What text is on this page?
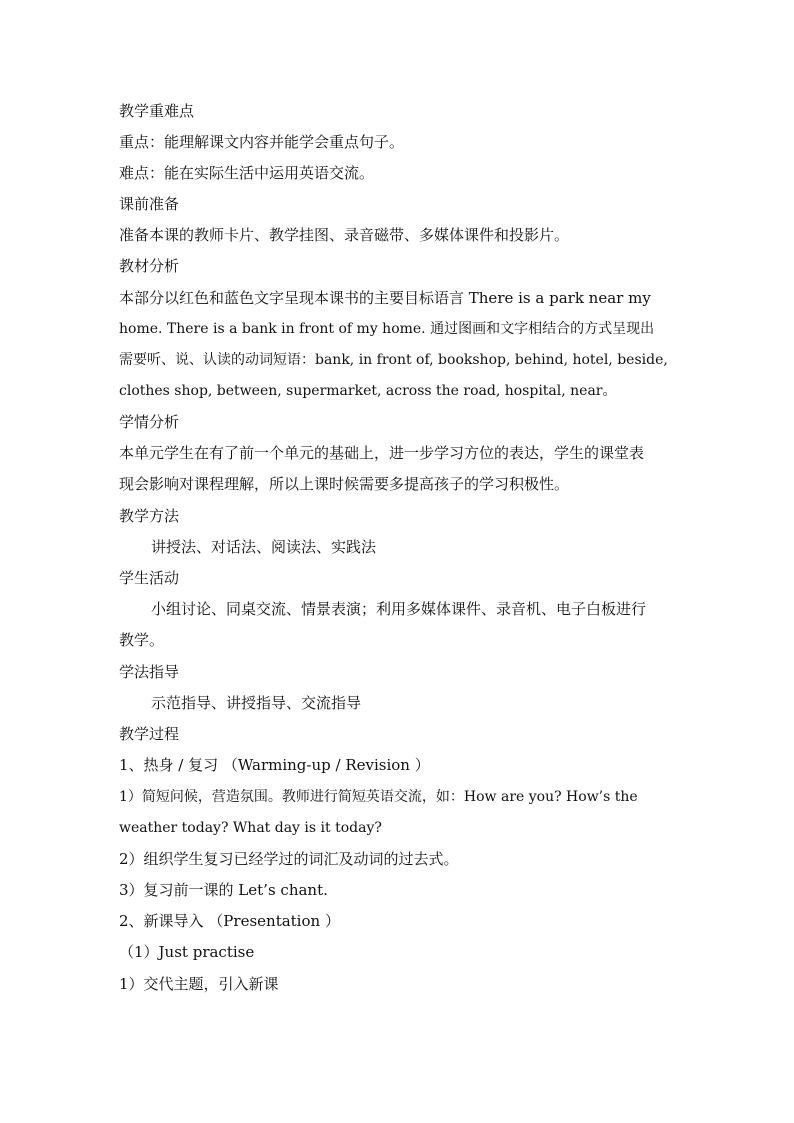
教学重难点
重点：能理解课文内容并能学会重点句子。
难点：能在实际生活中运用英语交流。
课前准备
准备本课的教师卡片、教学挂图、录音磁带、多媒体课件和投影片。
教材分析
本部分以红色和蓝色文字呈现本课书的主要目标语言 There is a park near my
home. There is a bank in front of my home. 通过图画和文字相结合的方式呈现出
需要听、说、认读的动词短语：bank, in front of, bookshop, behind, hotel, beside,
clothes shop, between, supermarket, across the road, hospital, near。
学情分析
本单元学生在有了前一个单元的基础上，进一步学习方位的表达，学生的课堂表
现会影响对课程理解，所以上课时候需要多提高孩子的学习积极性。
教学方法
讲授法、对话法、阅读法、实践法
学生活动
小组讨论、同桌交流、情景表演；利用多媒体课件、录音机、电子白板进行
教学。
学法指导
示范指导、讲授指导、交流指导
教学过程
1、热身 / 复习 （Warming-up / Revision ）
1）简短问候，营造氛围。教师进行简短英语交流，如：How are you? How’s the
weather today? What day is it today?
2）组织学生复习已经学过的词汇及动词的过去式。
3）复习前一课的 Let’s chant.
2、新课导入 （Presentation ）
（1）Just practise
1）交代主题，引入新课
